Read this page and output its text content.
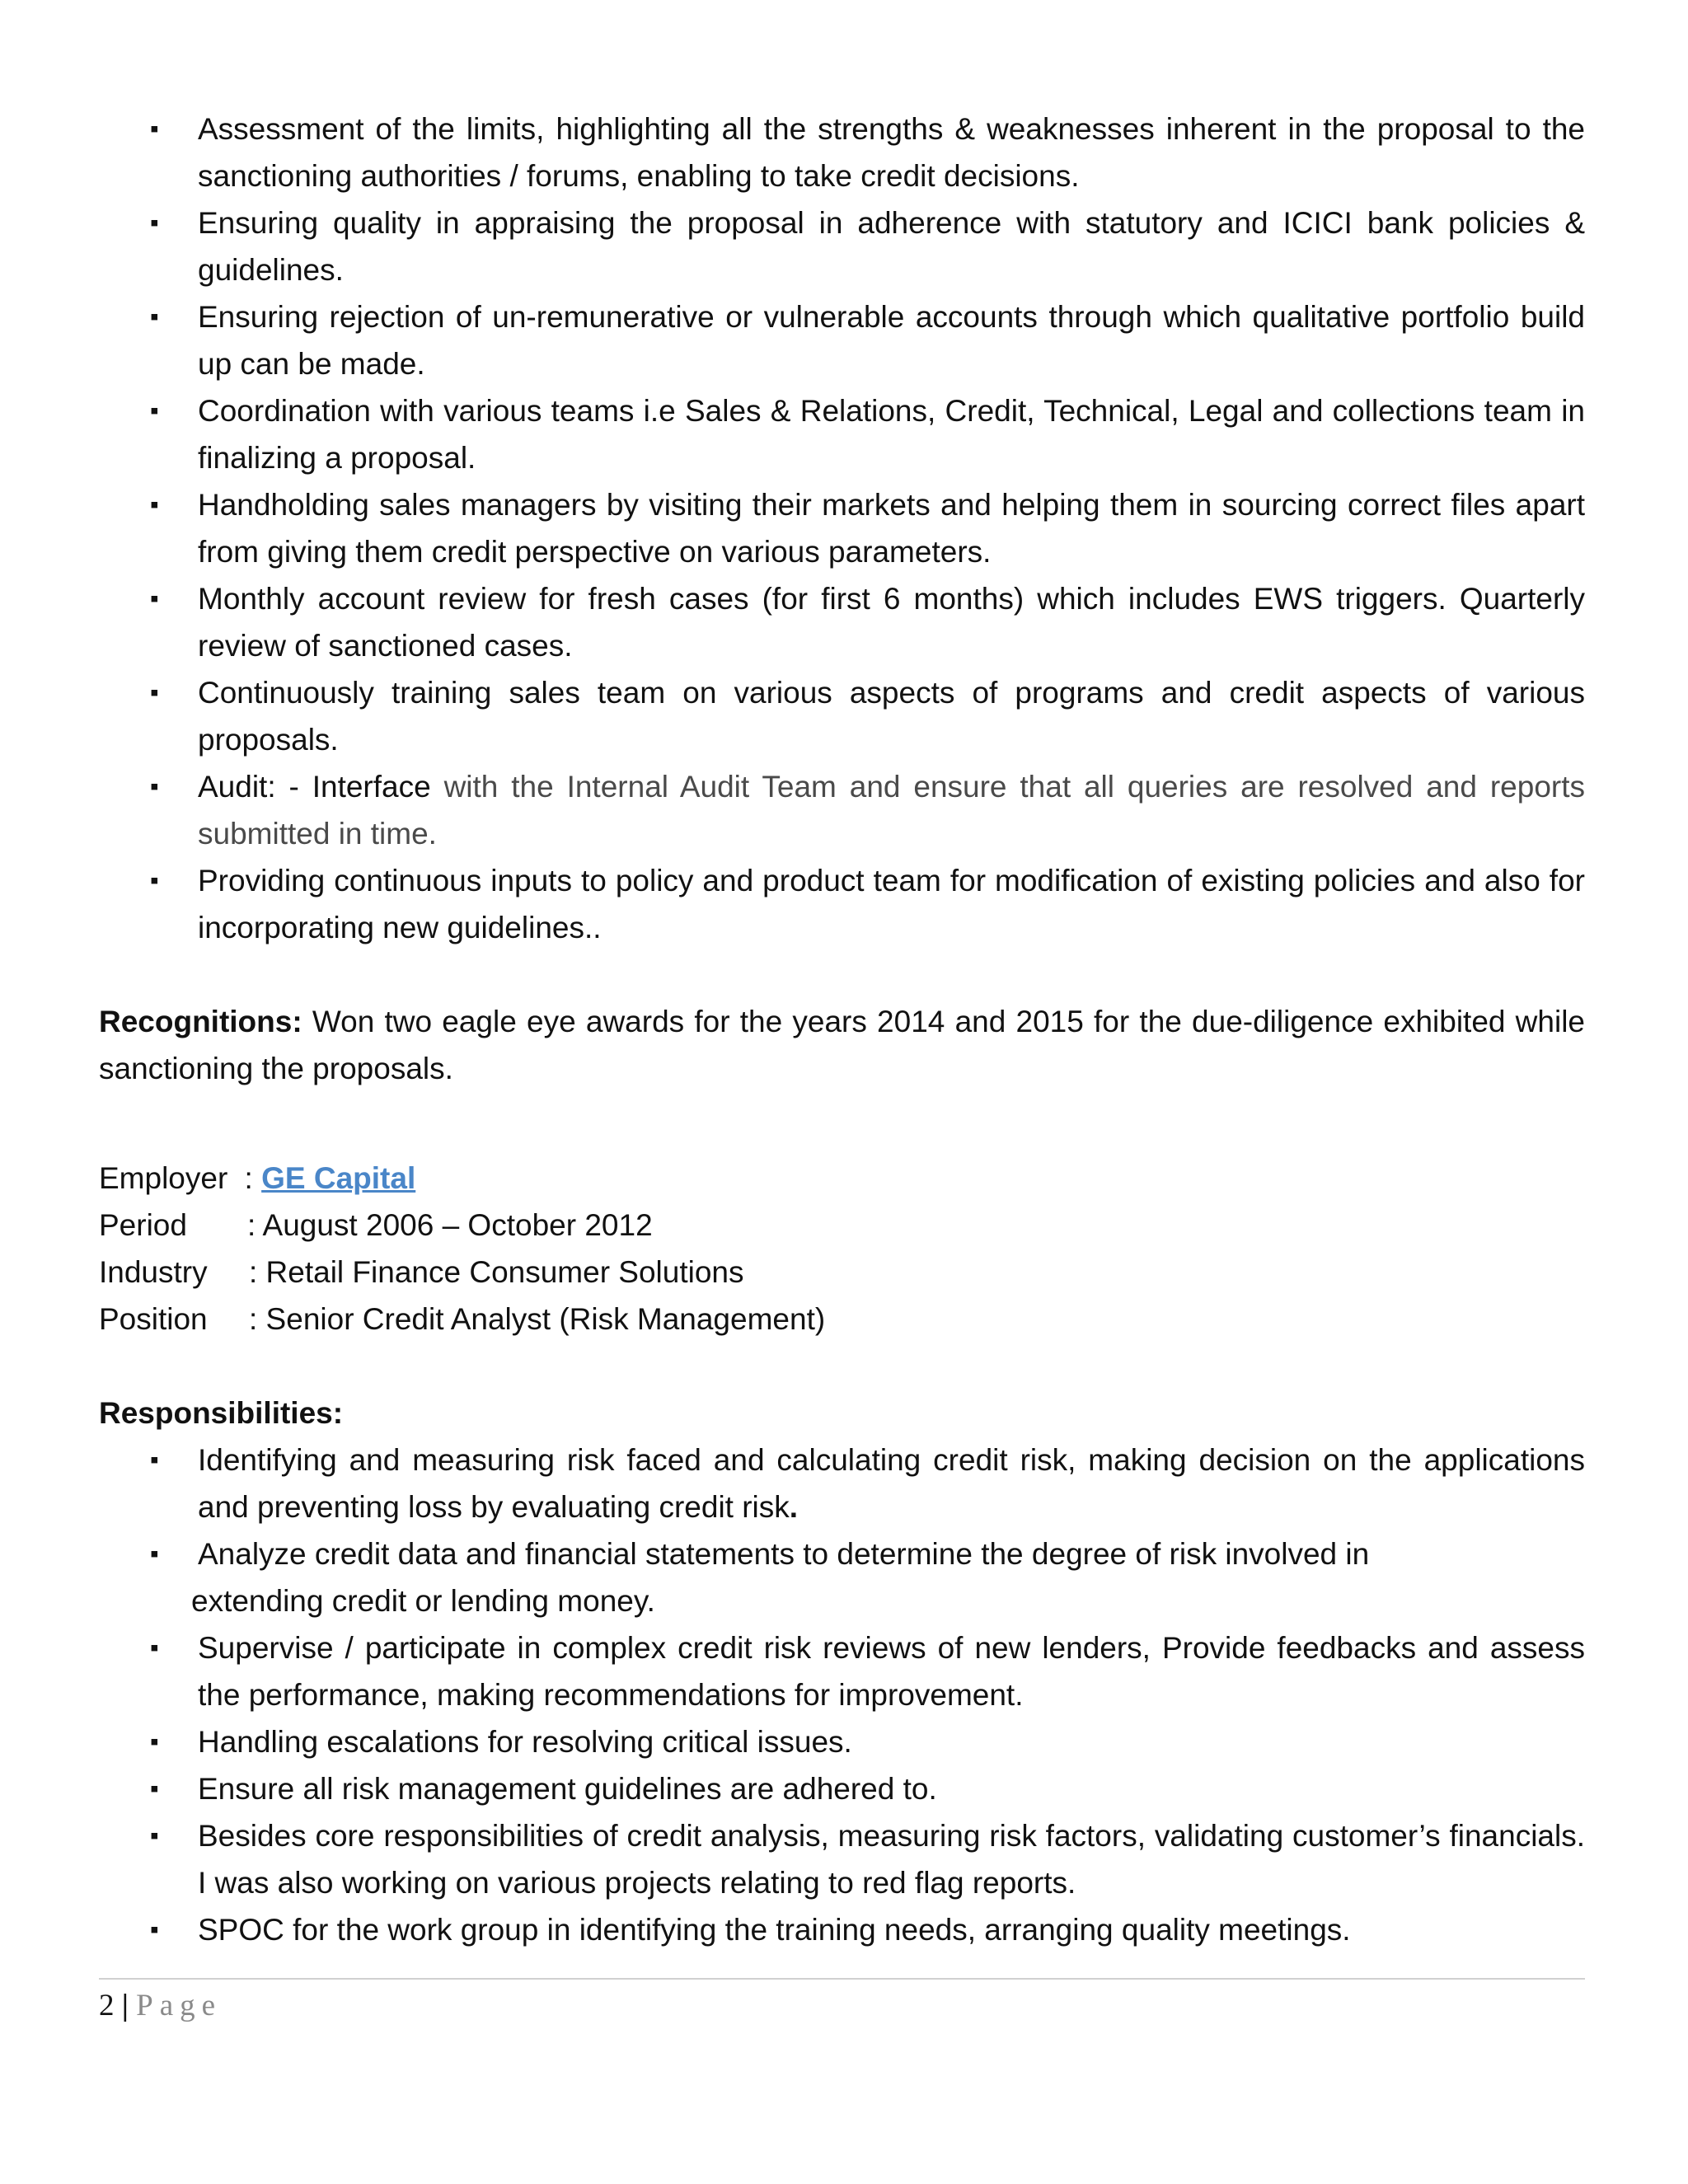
▪ Assessment of the limits, highlighting all the strengths & weaknesses inherent in the proposal to the sanctioning authorities / forums, enabling to take credit decisions.
▪ Ensuring quality in appraising the proposal in adherence with statutory and ICICI bank policies & guidelines.
▪ Ensuring rejection of un-remunerative or vulnerable accounts through which qualitative portfolio build up can be made.
▪ Coordination with various teams i.e Sales & Relations, Credit, Technical, Legal and collections team in finalizing a proposal.
▪ Handholding sales managers by visiting their markets and helping them in sourcing correct files apart from giving them credit perspective on various parameters.
▪ Monthly account review for fresh cases (for first 6 months) which includes EWS triggers. Quarterly review of sanctioned cases.
▪ Continuously training sales team on various aspects of programs and credit aspects of various proposals.
▪ Audit: - Interface with the Internal Audit Team and ensure that all queries are resolved and reports submitted in time.
▪ Providing continuous inputs to policy and product team for modification of existing policies and also for incorporating new guidelines..

Recognitions: Won two eagle eye awards for the years 2014 and 2015 for the due-diligence exhibited while sanctioning the proposals.

Employer : GE Capital
Period	: August 2006 – October 2012
Industry	: Retail Finance Consumer Solutions
Position	: Senior Credit Analyst (Risk Management)
Responsibilities:
▪ Identifying and measuring risk faced and calculating credit risk, making decision on the applications and preventing loss by evaluating credit risk.
▪ Analyze credit data and financial statements to determine the degree of risk involved in
extending credit or lending money.
▪ Supervise / participate in complex credit risk reviews of new lenders, Provide feedbacks and assess the performance, making recommendations for improvement.
▪ Handling escalations for resolving critical issues.
▪ Ensure all risk management guidelines are adhered to.
▪ Besides core responsibilities of credit analysis, measuring risk factors, validating customer’s financials. I was also working on various projects relating to red flag reports.
▪ SPOC for the work group in identifying the training needs, arranging quality meetings.
2 | Page
